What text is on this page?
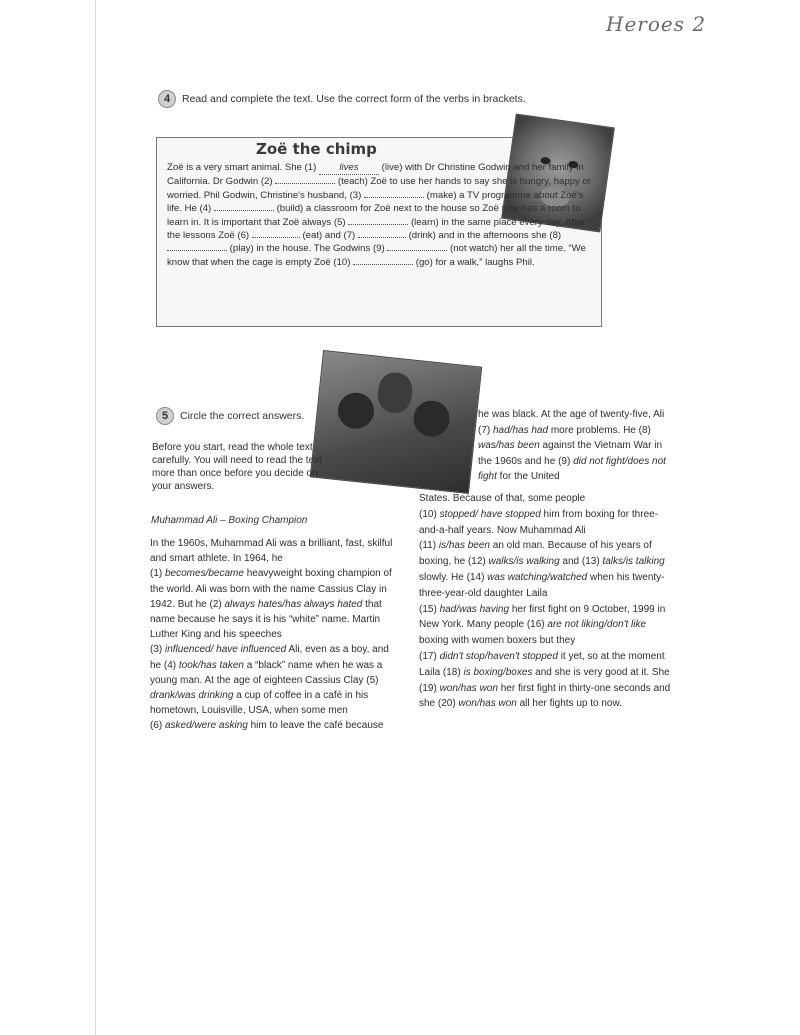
Heroes 2
4 Read and complete the text. Use the correct form of the verbs in brackets.
Zoë the chimp
Zoë is a very smart animal. She (1) lives (live) with Dr Christine Godwin and her family in California. Dr Godwin (2)	(teach) Zoë to use her hands to say she is hungry, happy or worried. Phil Godwin, Christine's husband, (3)	(make) a TV programme about Zoë's life. He (4)	(build) a classroom for Zoë next to the house so Zoë now has a room to learn in. It is important that Zoë always (5)	(learn) in the same place every day. After the lessons Zoë (6)	(eat) and (7)	(drink) and in the afternoons she (8)  (play) in the house. The Godwins (9)	(not watch) her all the time. “We know that when the cage is empty Zoë (10)	(go) for a walk,” laughs Phil.
5 Circle the correct answers.
Before you start, read the whole text carefully. You will need to read the text more than once before you decide on your answers.
Muhammad Ali – Boxing Champion
In the 1960s, Muhammad Ali was a brilliant, fast, skilful and smart athlete. In 1964, he
(1) becomes/became heavyweight boxing champion of the world. Ali was born with the name Cassius Clay in 1942. But he (2) always hates/has always hated that name because he says it is his “white” name. Martin Luther King and his speeches
(3) influenced/ have influenced Ali, even as a boy, and he (4) took/has taken a “black” name when he was a young man. At the age of eighteen Cassius Clay (5) drank/was drinking a cup of coffee in a café in his hometown, Louisville, USA, when some men
(6) asked/were asking him to leave the café because
he was black. At the age of twenty-five, Ali (7) had/has had more problems. He (8) was/has been against the Vietnam War in the 1960s and he (9) did not fight/does not fight for the United
States. Because of that, some people
(10) stopped/ have stopped him from boxing for three-and-a-half years. Now Muhammad Ali
(11) is/has been an old man. Because of his years of boxing, he (12) walks/is walking and (13) talks/is talking slowly. He (14) was watching/watched when his twenty-three-year-old daughter Laila
(15) had/was having her first fight on 9 October, 1999 in New York. Many people (16) are not liking/don't like boxing with women boxers but they
(17) didn't stop/haven't stopped it yet, so at the moment Laila (18) is boxing/boxes and she is very good at it. She (19) won/has won her first fight in thirty-one seconds and she (20) won/has won all her fights up to now.
